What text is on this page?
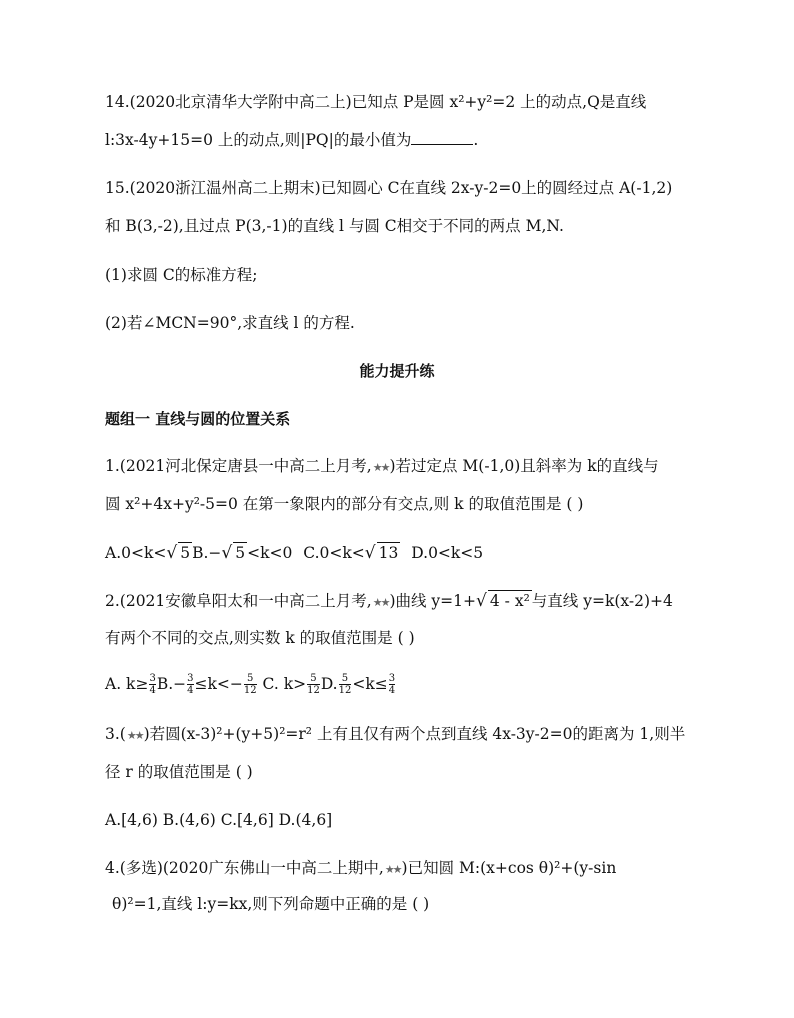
14.(2020北京清华大学附中高二上)已知点 P是圆 x²+y²=2 上的动点,Q是直线
l:3x-4y+15=0 上的动点,则|PQ|的最小值为	.
15.(2020浙江温州高二上期末)已知圆心 C在直线 2x-y-2=0上的圆经过点 A(-1,2)
和 B(3,-2),且过点 P(3,-1)的直线 l 与圆 C相交于不同的两点 M,N.
(1)求圆 C的标准方程;
(2)若∠MCN=90°,求直线 l 的方程.
能力提升练
题组一 直线与圆的位置关系
1.(2021河北保定唐县一中高二上月考,★★)若过定点 M(-1,0)且斜率为 k的直线与
圆 x²+4x+y²-5=0 在第一象限内的部分有交点,则 k 的取值范围是 ( )
A.0<k<√ 5 B.−√ 5 <k<0 C.0<k<√ 13 D.0<k<5
2.(2021安徽阜阳太和一中高二上月考,★★)曲线 y=1+√ 4 - x² 与直线 y=k(x-2)+4
有两个不同的交点,则实数 k 的取值范围是 ( )
A. $k\ge \frac{3}{4} B.- \frac{3}{4} \le k<- \frac{5}{12} C$. $k> \frac{5}{12} D$. $\frac{5}{12} <k\le \frac{3}{4}$
3.(★★)若圆(x-3)²+(y+5)²=r² 上有且仅有两个点到直线 4x-3y-2=0的距离为 1,则半
径 r 的取值范围是 ( )
A.[4,6) B.(4,6) C.[4,6] D.(4,6]
4.(多选)(2020广东佛山一中高二上期中,★★)已知圆 M:(x+cos θ)²+(y-sin
θ)²=1,直线 l:y=kx,则下列命题中正确的是 ( )
